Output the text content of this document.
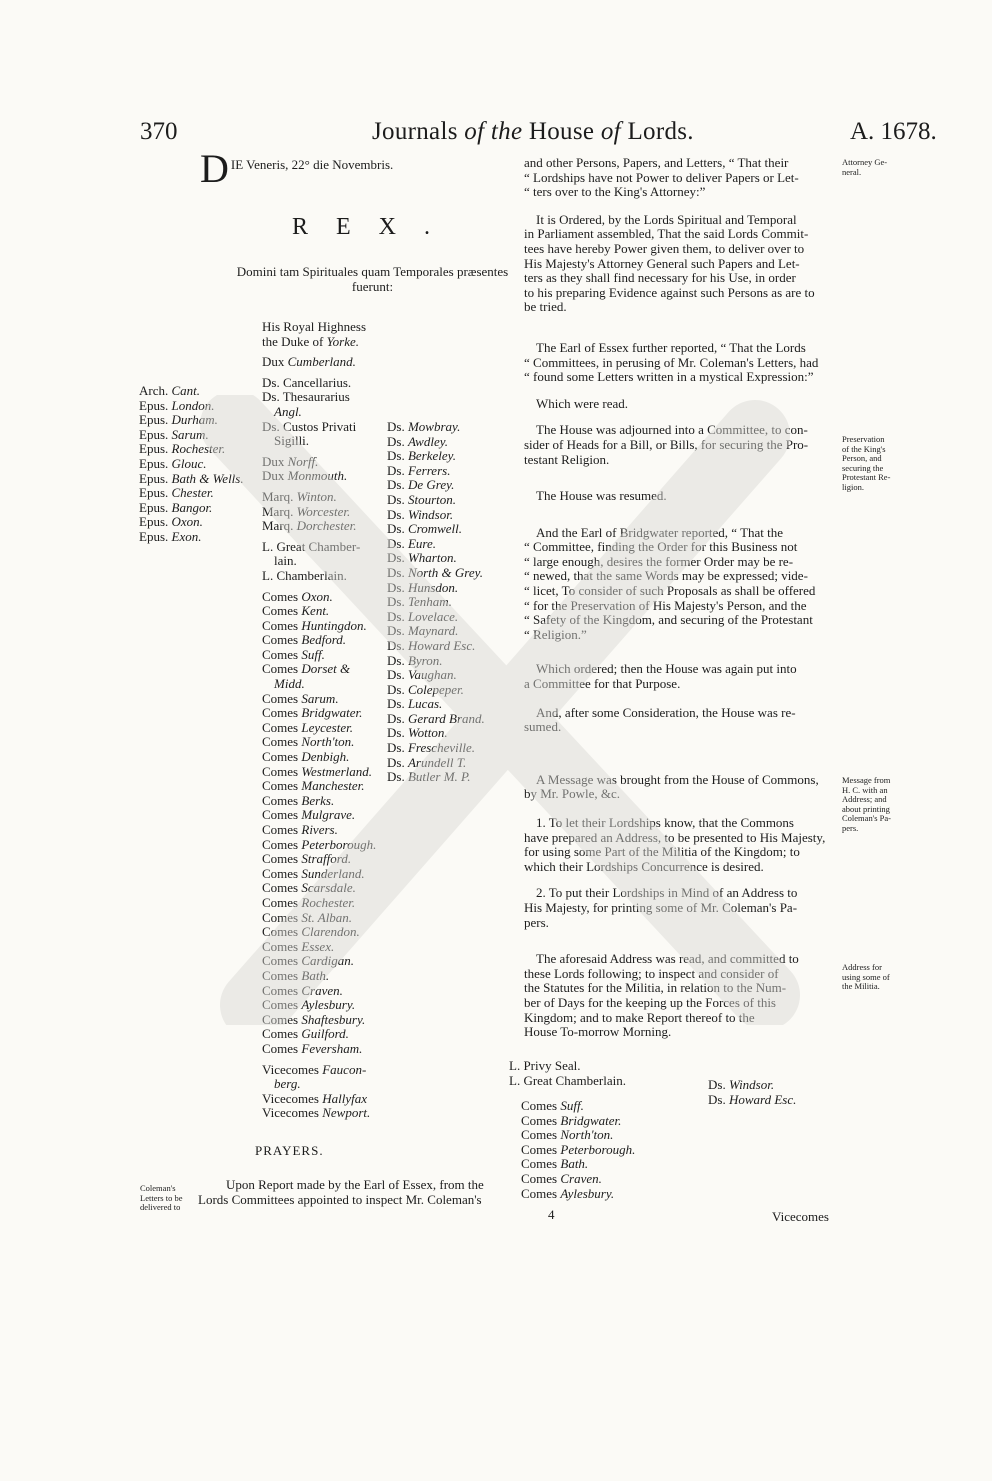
370	Journals of the House of Lords.	A. 1678.
D IE Veneris, 22° die Novembris.
REX.
Domini tam Spirituales quam Temporales præsentes fuerunt:
Arch. Cant.
Epus. London.
Epus. Durham.
Epus. Sarum.
Epus. Rochester.
Epus. Glouc.
Epus. Bath & Wells.
Epus. Chester.
Epus. Bangor.
Epus. Oxon.
Epus. Exon.
His Royal Highness
the Duke of Yorke.
Dux Cumberland.
Ds. Cancellarius.
Ds. Thesaurarius
Angl.
Ds. Custos Privati
Sigilli.
Dux Norff.
Dux Monmouth.
Marq. Winton.
Marq. Worcester.
Marq. Dorchester.
L. Great Chamber-
lain.
L. Chamberlain.
Comes Oxon.
Comes Kent.
Comes Huntingdon.
Comes Bedford.
Comes Suff.
Comes Dorset &
Midd.
Comes Sarum.
Comes Bridgwater.
Comes Leycester.
Comes North'ton.
Comes Denbigh.
Comes Westmerland.
Comes Manchester.
Comes Berks.
Comes Mulgrave.
Comes Rivers.
Comes Peterborough.
Comes Strafford.
Comes Sunderland.
Comes Scarsdale.
Comes Rochester.
Comes St. Alban.
Comes Clarendon.
Comes Essex.
Comes Cardigan.
Comes Bath.
Comes Craven.
Comes Aylesbury.
Comes Shaftesbury.
Comes Guilford.
Comes Feversham.
Vicecomes Faucon-
berg.
Vicecomes Hallyfax
Vicecomes Newport.
Ds. Mowbray.
Ds. Awdley.
Ds. Berkeley.
Ds. Ferrers.
Ds. De Grey.
Ds. Stourton.
Ds. Windsor.
Ds. Cromwell.
Ds. Eure.
Ds. Wharton.
Ds. North & Grey.
Ds. Hunsdon.
Ds. Tenham.
Ds. Lovelace.
Ds. Maynard.
Ds. Howard Esc.
Ds. Byron.
Ds. Vaughan.
Ds. Colepeper.
Ds. Lucas.
Ds. Gerard Brand.
Ds. Wotton.
Ds. Frescheville.
Ds. Arundell T.
Ds. Butler M. P.
PRAYERS.
Upon Report made by the Earl of Essex, from the
Lords Committees appointed to inspect Mr. Coleman's
Coleman's
Letters to be
delivered to
and other Persons, Papers, and Letters, “ That their
“ Lordships have not Power to deliver Papers or Let-
“ ters over to the King's Attorney:”
It is Ordered, by the Lords Spiritual and Temporal
in Parliament assembled, That the said Lords Commit-
tees have hereby Power given them, to deliver over to
His Majesty's Attorney General such Papers and Let-
ters as they shall find necessary for his Use, in order
to his preparing Evidence against such Persons as are to
be tried.
The Earl of Essex further reported, “ That the Lords
“ Committees, in perusing of Mr. Coleman's Letters, had
“ found some Letters written in a mystical Expression:”
Which were read.
The House was adjourned into a Committee, to con-
sider of Heads for a Bill, or Bills, for securing the Pro-
testant Religion.
The House was resumed.
And the Earl of Bridgwater reported, “ That the
“ Committee, finding the Order for this Business not
“ large enough, desires the former Order may be re-
“ newed, that the same Words may be expressed; vide-
“ licet, To consider of such Proposals as shall be offered
“ for the Preservation of His Majesty's Person, and the
“ Safety of the Kingdom, and securing of the Protestant
“ Religion.”
Which ordered; then the House was again put into
a Committee for that Purpose.
And, after some Consideration, the House was re-
sumed.
A Message was brought from the House of Commons,
by Mr. Powle, &c.
1. To let their Lordships know, that the Commons
have prepared an Address, to be presented to His Majesty,
for using some Part of the Militia of the Kingdom; to
which their Lordships Concurrence is desired.
2. To put their Lordships in Mind of an Address to
His Majesty, for printing some of Mr. Coleman's Pa-
pers.
The aforesaid Address was read, and committed to
these Lords following; to inspect and consider of
the Statutes for the Militia, in relation to the Num-
ber of Days for the keeping up the Forces of this
Kingdom; and to make Report thereof to the
House To-morrow Morning.
Attorney Ge-
neral.
Preservation
of the King's
Person, and
securing the
Protestant Re-
ligion.
Message from
H. C. with an
Address; and
about printing
Coleman's Pa-
pers.
Address for
using some of
the Militia.
L. Privy Seal.
L. Great Chamberlain.
Comes Suff.
Comes Bridgwater.
Comes North'ton.
Comes Peterborough.
Comes Bath.
Comes Craven.
Comes Aylesbury.
Ds. Windsor.
Ds. Howard Esc.
4	Vicecomes
